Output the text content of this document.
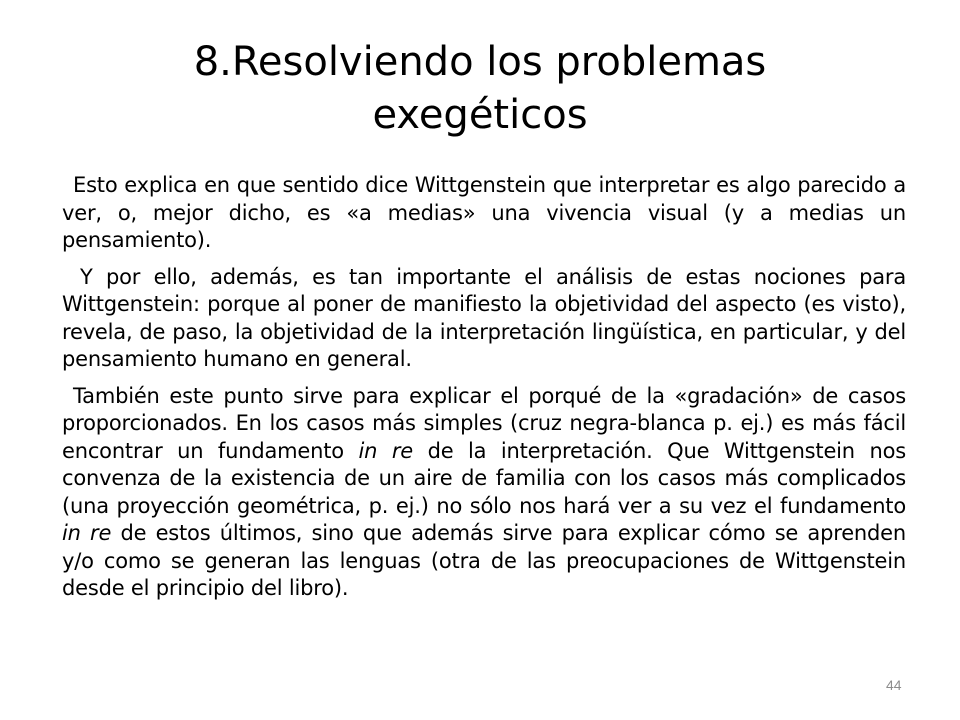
8.Resolviendo los problemas
exegéticos

Esto explica en que sentido dice Wittgenstein que interpretar es algo parecido a ver, o, mejor dicho, es «a medias» una vivencia visual (y a medias un pensamiento).

Y por ello, además, es tan importante el análisis de estas nociones para Wittgenstein: porque al poner de manifiesto la objetividad del aspecto (es visto), revela, de paso, la objetividad de la interpretación lingüística, en particular, y del pensamiento humano en general.

También este punto sirve para explicar el porqué de la «gradación» de casos proporcionados. En los casos más simples (cruz negra-blanca p. ej.) es más fácil encontrar un fundamento in re de la interpretación. Que Wittgenstein nos convenza de la existencia de un aire de familia con los casos más complicados (una proyección geométrica, p. ej.) no sólo nos hará ver a su vez el fundamento in re de estos últimos, sino que además sirve para explicar cómo se aprenden y/o como se generan las lenguas (otra de las preocupaciones de Wittgenstein desde el principio del libro).

44
